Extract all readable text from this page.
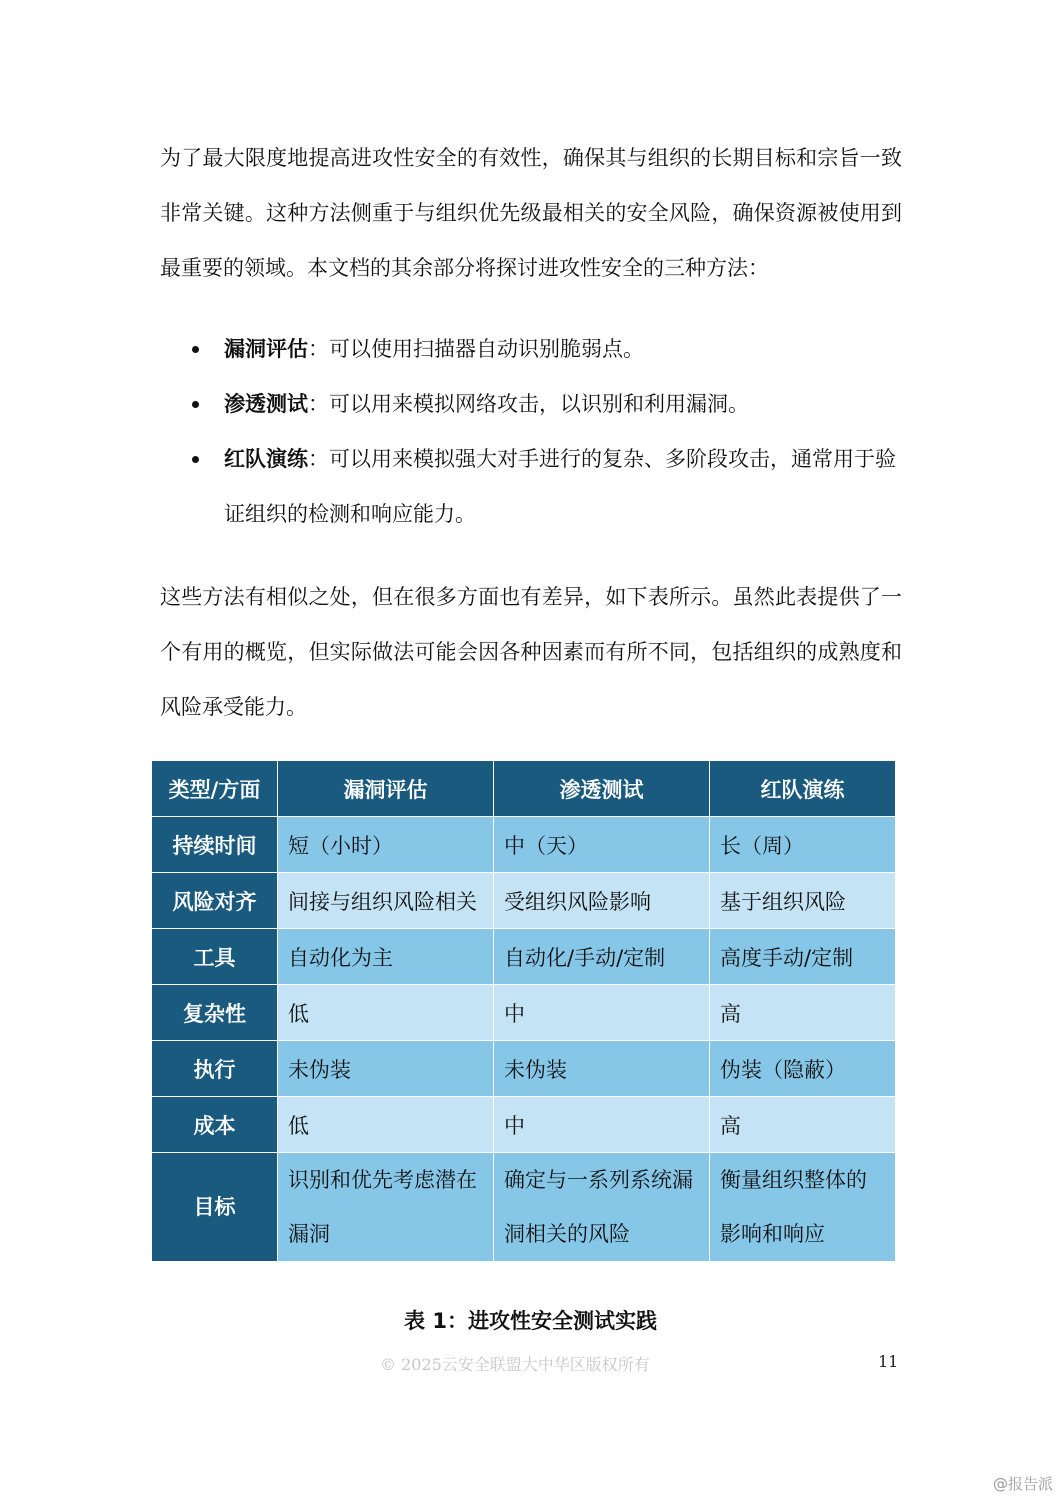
为了最大限度地提高进攻性安全的有效性，确保其与组织的长期目标和宗旨一致非常关键。这种方法侧重于与组织优先级最相关的安全风险，确保资源被使用到最重要的领域。本文档的其余部分将探讨进攻性安全的三种方法：

漏洞评估：可以使用扫描器自动识别脆弱点。
渗透测试：可以用来模拟网络攻击，以识别和利用漏洞。
红队演练：可以用来模拟强大对手进行的复杂、多阶段攻击，通常用于验证组织的检测和响应能力。

这些方法有相似之处，但在很多方面也有差异，如下表所示。虽然此表提供了一个有用的概览，但实际做法可能会因各种因素而有所不同，包括组织的成熟度和风险承受能力。

类型/方面	漏洞评估	渗透测试	红队演练
持续时间	短（小时）	中（天）	长（周）
风险对齐	间接与组织风险相关	受组织风险影响	基于组织风险
工具	自动化为主	自动化/手动/定制	高度手动/定制
复杂性	低	中	高
执行	未伪装	未伪装	伪装（隐蔽）
成本	低	中	高
目标	识别和优先考虑潜在漏洞	确定与一系列系统漏洞相关的风险	衡量组织整体的影响和响应
表 1：进攻性安全测试实践
© 2025云安全联盟大中华区版权所有	11
@报告派
